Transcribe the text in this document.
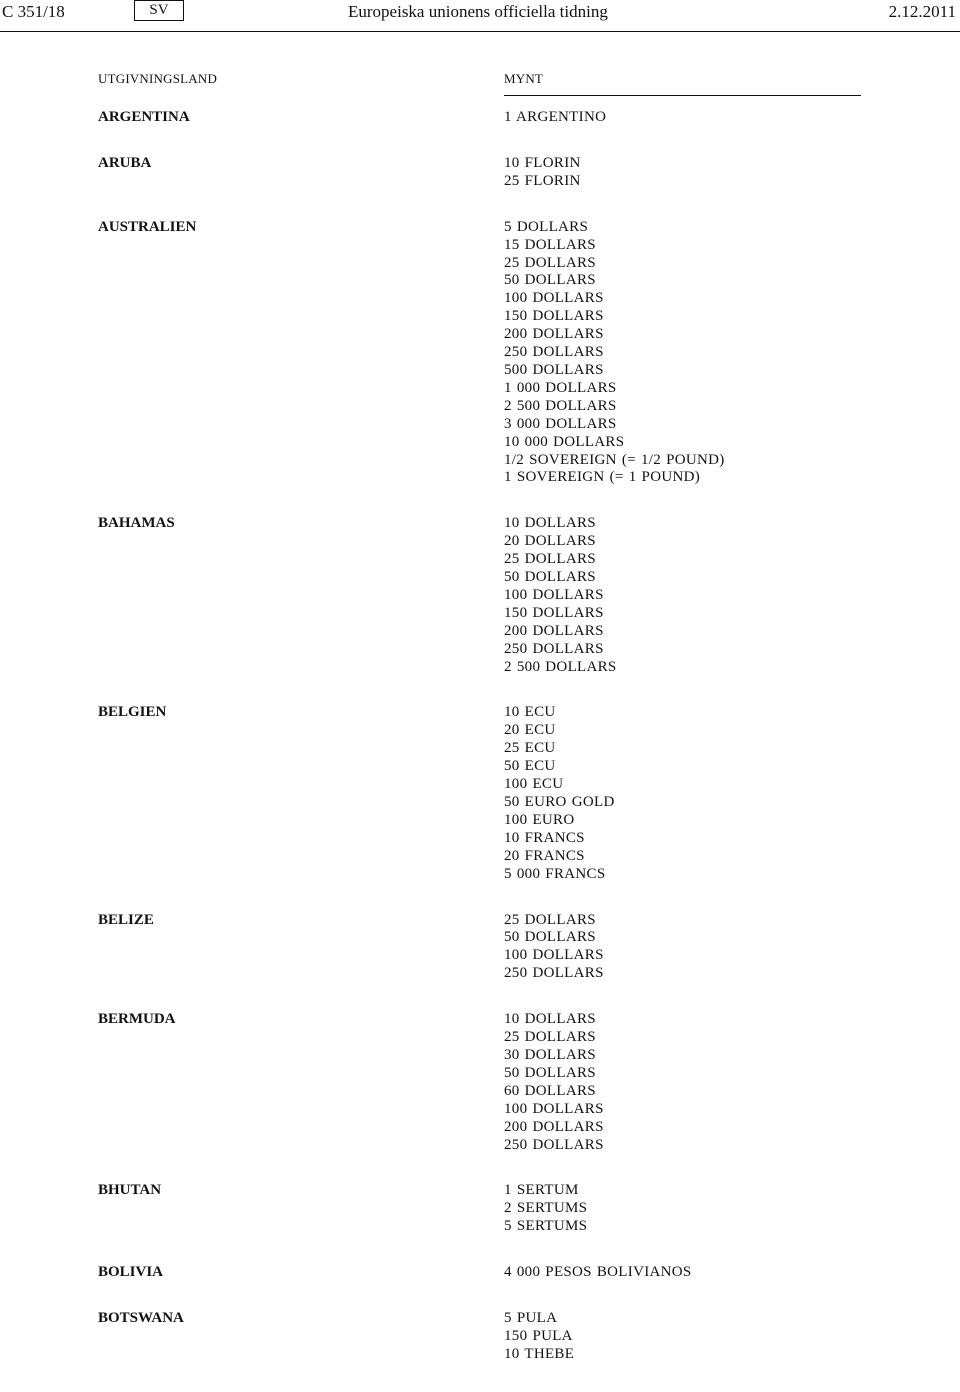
C 351/18	SV	Europeiska unionens officiella tidning	2.12.2011
UTGIVNINGSLAND	MYNT
ARGENTINA	1 ARGENTINO
ARUBA	10 FLORIN
25 FLORIN
AUSTRALIEN	5 DOLLARS
15 DOLLARS
25 DOLLARS
50 DOLLARS
100 DOLLARS
150 DOLLARS
200 DOLLARS
250 DOLLARS
500 DOLLARS
1 000 DOLLARS
2 500 DOLLARS
3 000 DOLLARS
10 000 DOLLARS
1/2 SOVEREIGN (= 1/2 POUND)
1 SOVEREIGN (= 1 POUND)
BAHAMAS	10 DOLLARS
20 DOLLARS
25 DOLLARS
50 DOLLARS
100 DOLLARS
150 DOLLARS
200 DOLLARS
250 DOLLARS
2 500 DOLLARS
BELGIEN	10 ECU
20 ECU
25 ECU
50 ECU
100 ECU
50 EURO GOLD
100 EURO
10 FRANCS
20 FRANCS
5 000 FRANCS
BELIZE	25 DOLLARS
50 DOLLARS
100 DOLLARS
250 DOLLARS
BERMUDA	10 DOLLARS
25 DOLLARS
30 DOLLARS
50 DOLLARS
60 DOLLARS
100 DOLLARS
200 DOLLARS
250 DOLLARS
BHUTAN	1 SERTUM
2 SERTUMS
5 SERTUMS
BOLIVIA	4 000 PESOS BOLIVIANOS
BOTSWANA	5 PULA
150 PULA
10 THEBE
